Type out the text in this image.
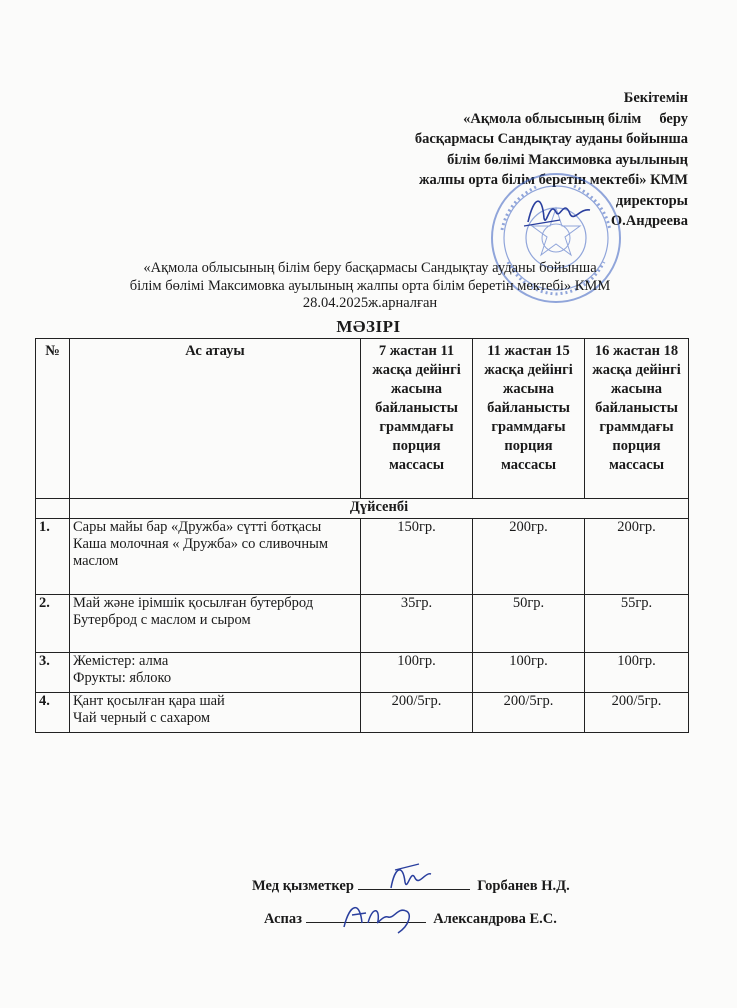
Бекітемін
«Ақмола облысының білім     беру
басқармасы Сандықтау ауданы бойынша
білім бөлімі Максимовка ауылының
жалпы орта білім беретін мектебі» КММ
директоры
О.Андреева
«Ақмола облысының білім беру басқармасы Сандықтау ауданы бойынша
білім бөлімі Максимовка ауылының жалпы орта білім беретін мектебі» КММ
28.04.2025ж.арналған
МӘЗІРІ
№	Ас атауы	7 жастан 11 жасқа дейінгі жасына байланысты граммдағы порция массасы	11 жастан 15 жасқа дейінгі жасына байланысты граммдағы порция массасы	16 жастан 18 жасқа дейінгі жасына байланысты граммдағы порция массасы
	Дүйсенбі			
1.	Сары майы бар «Дружба» сүтті ботқасы
Каша молочная « Дружба» со сливочным маслом	150гр.	200гр.	200гр.
2.	Май және ірімшік қосылған бутерброд
Бутерброд с маслом и сыром	35гр.	50гр.	55гр.
3.	Жемістер: алма
Фрукты: яблоко	100гр.	100гр.	100гр.
4.	Қант қосылған қара шай
Чай черный с сахаром	200/5гр.	200/5гр.	200/5гр.
Мед қызметкер	Горбанев Н.Д.
Аспаз	Александрова Е.С.
